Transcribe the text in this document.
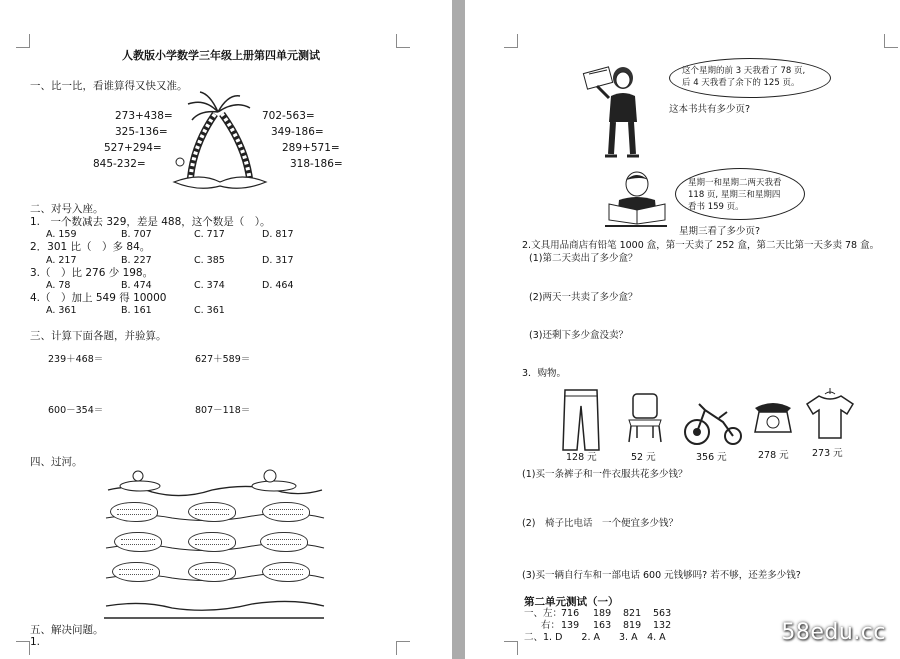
人教版小学数学三年级上册第四单元测试
一、比一比，看谁算得又快又准。
273+438=	702-563=
325-136=	349-186=
527+294=	289+571=
845-232=	318-186=
二、对号入座。
1.　一个数减去 329，差是 488，这个数是（　）。
A. 159	B. 707	C. 717	D. 817
2．301 比（　）多 84。
A. 217	B. 227	C. 385	D. 317
3.（　）比 276 少 198。
A. 78	B. 474	C. 374	D. 464
4.（　）加上 549 得 10000
A. 361	B. 161	C. 361
三、计算下面各题，并验算。
239＋468＝	627＋589＝
600－354＝	807－118＝
四、过河。
五、解决问题。
1.
这个星期的前 3 天我看了 78 页,
后 4 天我看了余下的 125 页。
这本书共有多少页?
星期一和星期二两天我看
118 页, 星期三和星期四
看书 159 页。
星期三看了多少页?
2.文具用品商店有铅笔 1000 盒，第一天卖了 252 盒，第二天比第一天多卖 78 盒。
(1)第二天卖出了多少盒？
(2)两天一共卖了多少盒？
(3)还剩下多少盒没卖？
3．购物。
128 元	52 元	356 元	278 元 273 元
(1)买一条裤子和一件衣服共花多少钱？
(2)　椅子比电话　一个便宜多少钱？
(3)买一辆自行车和一部电话 600 元钱够吗? 若不够，还差多少钱?
第二单元测试（一）
一、左：
716 189 821 563
右： 139 163 819 132
二、1. D　　2. A　　3. A　4. A	58edu.cc
